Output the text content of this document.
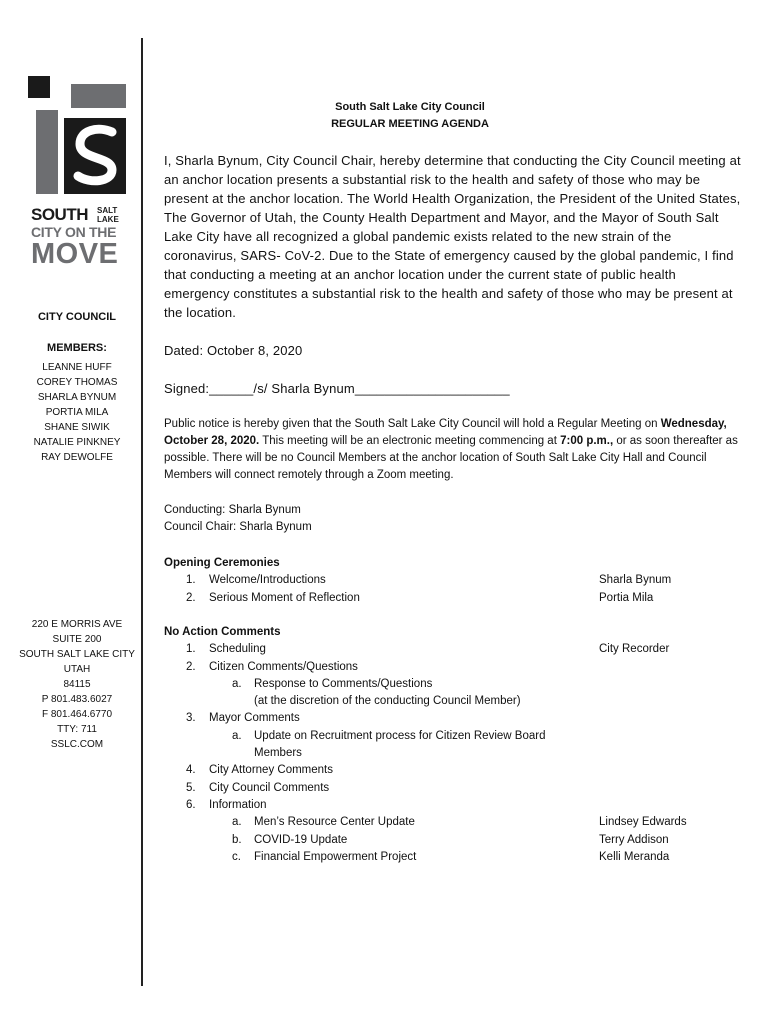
SOUTH	SALT
LAKE
CITY ON THE
MOVE
CITY COUNCIL
MEMBERS:
LEANNE HUFF
COREY THOMAS
SHARLA BYNUM
PORTIA MILA
SHANE SIWIK
NATALIE PINKNEY
RAY DEWOLFE
220 E MORRIS AVE
SUITE 200
SOUTH SALT LAKE CITY
UTAH
84115
P 801.483.6027
F 801.464.6770
TTY: 711
SSLC.COM
South Salt Lake City Council
REGULAR MEETING AGENDA
I, Sharla Bynum, City Council Chair, hereby determine that conducting the City Council meeting at an anchor location presents a substantial risk to the health and safety of those who may be present at the anchor location. The World Health Organization, the President of the United States, The Governor of Utah, the County Health Department and Mayor, and the Mayor of South Salt Lake City have all recognized a global pandemic exists related to the new strain of the coronavirus, SARS- CoV-2. Due to the State of emergency caused by the global pandemic, I find that conducting a meeting at an anchor location under the current state of public health emergency constitutes a substantial risk to the health and safety of those who may be present at the location.
Dated: October 8, 2020
Signed:______/s/ Sharla Bynum_____________________
Public notice is hereby given that the South Salt Lake City Council will hold a Regular Meeting on Wednesday, October 28, 2020. This meeting will be an electronic meeting commencing at 7:00 p.m., or as soon thereafter as possible. There will be no Council Members at the anchor location of South Salt Lake City Hall and Council Members will connect remotely through a Zoom meeting.
Conducting: Sharla Bynum
Council Chair: Sharla Bynum
Opening Ceremonies
1. Welcome/Introductions	Sharla Bynum
2. Serious Moment of Reflection	Portia Mila
No Action Comments
1. Scheduling	City Recorder
2. Citizen Comments/Questions
a. Response to Comments/Questions
(at the discretion of the conducting Council Member)
3. Mayor Comments
a. Update on Recruitment process for Citizen Review Board
Members
4. City Attorney Comments
5. City Council Comments
6. Information
a. Men’s Resource Center Update	Lindsey Edwards
b. COVID-19 Update	Terry Addison
c. Financial Empowerment Project	Kelli Meranda
